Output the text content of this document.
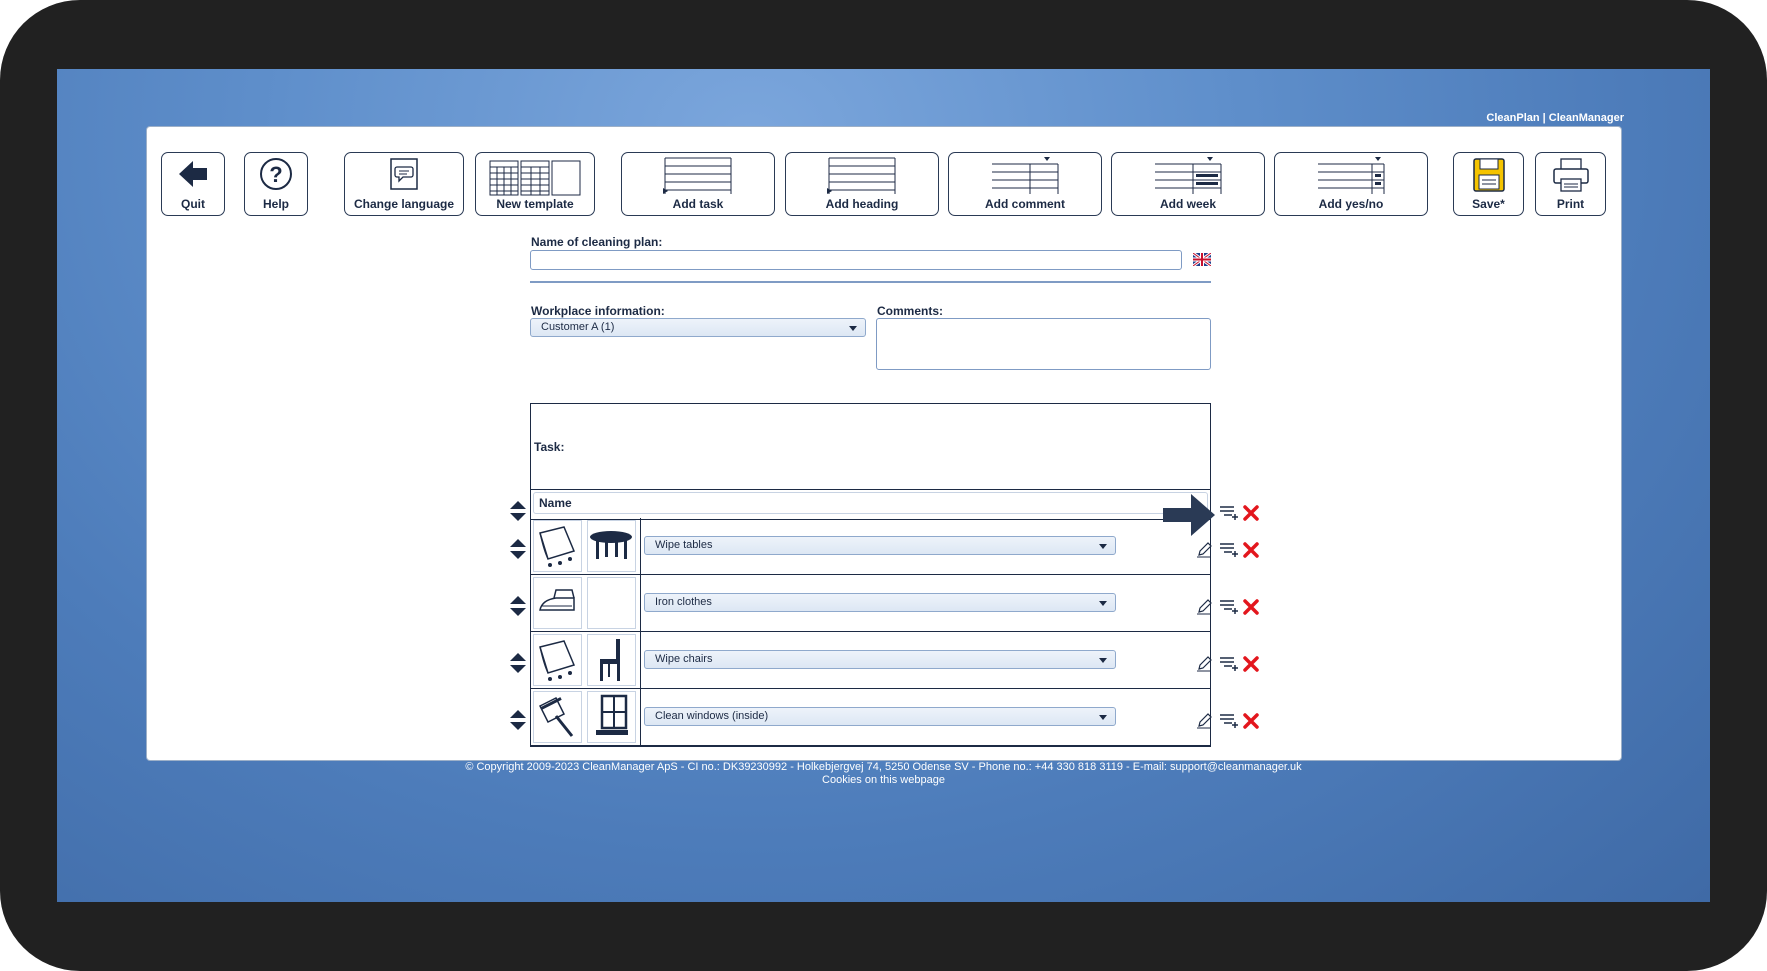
CleanPlan | CleanManager
Quit
?
Help	Change language	New template	Add task	Add heading	Add comment	Add week	Add yes/no	Save*	Print
Name of cleaning plan:
Workplace information:
Customer A (1)
Comments:
Task:
Name
Wipe tables
Iron clothes
Wipe chairs
Clean windows (inside)
© Copyright 2009-2023 CleanManager ApS - CI no.: DK39230992 - Holkebjergvej 74, 5250 Odense SV - Phone no.: +44 330 818 3119 - E-mail: support@cleanmanager.uk
Cookies on this webpage
